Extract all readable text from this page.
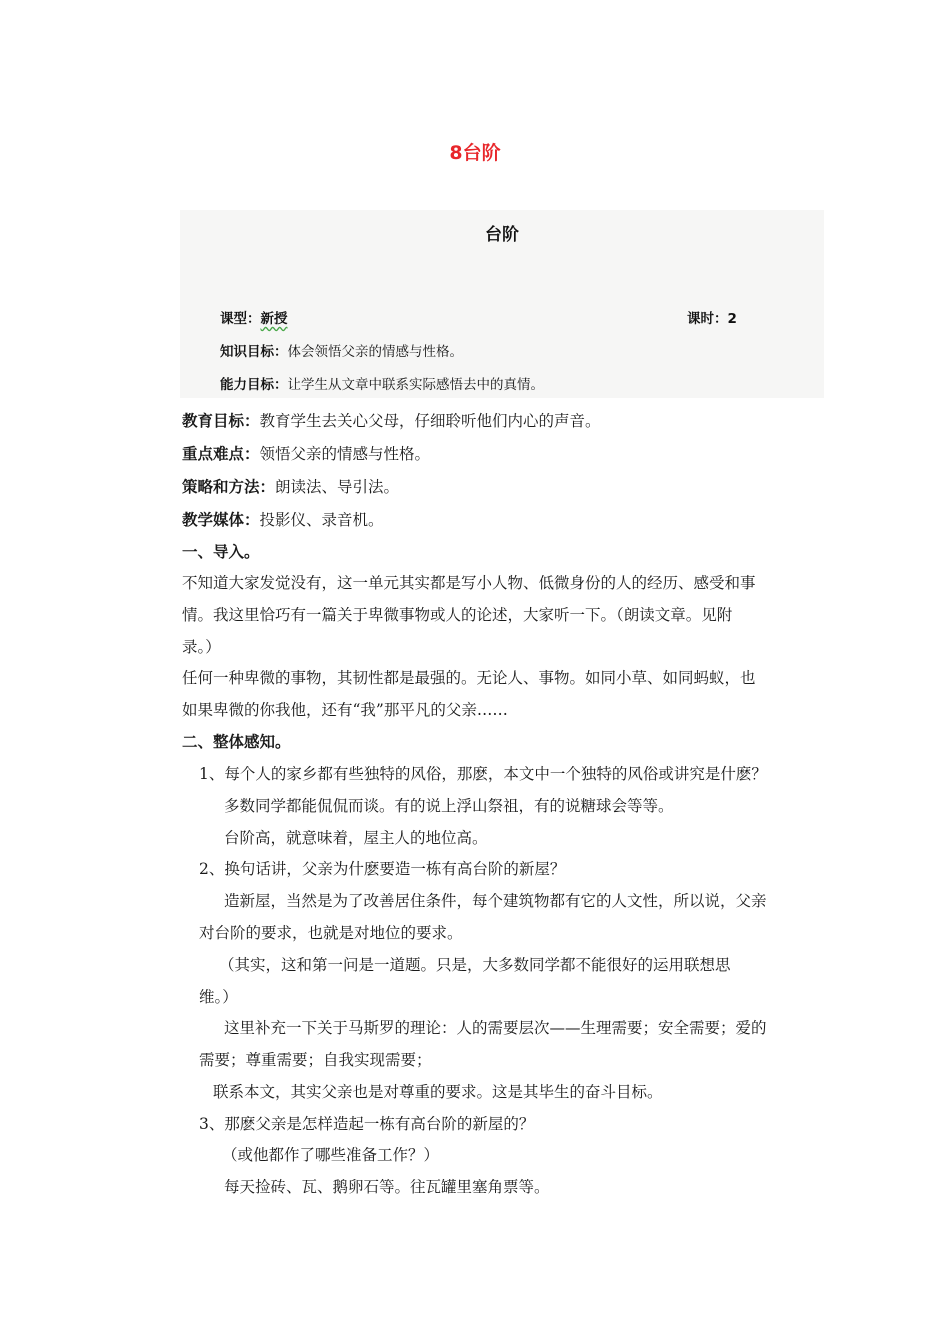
8台阶
台阶
课型：新授	课时：2
知识目标：体会领悟父亲的情感与性格。
能力目标：让学生从文章中联系实际感悟去中的真情。
教育目标：教育学生去关心父母，仔细聆听他们内心的声音。
重点难点：领悟父亲的情感与性格。
策略和方法：朗读法、导引法。
教学媒体：投影仪、录音机。
一、导入。
不知道大家发觉没有，这一单元其实都是写小人物、低微身份的人的经历、感受和事
情。我这里恰巧有一篇关于卑微事物或人的论述，大家听一下。（朗读文章。见附
录。）
任何一种卑微的事物，其韧性都是最强的。无论人、事物。如同小草、如同蚂蚁，也
如果卑微的你我他，还有“我”那平凡的父亲……
二、整体感知。
1、每个人的家乡都有些独特的风俗，那麽，本文中一个独特的风俗或讲究是什麽？
多数同学都能侃侃而谈。有的说上浮山祭祖，有的说糖球会等等。
台阶高，就意味着，屋主人的地位高。
2、换句话讲，父亲为什麽要造一栋有高台阶的新屋？
造新屋，当然是为了改善居住条件，每个建筑物都有它的人文性，所以说，父亲
对台阶的要求，也就是对地位的要求。
（其实，这和第一问是一道题。只是，大多数同学都不能很好的运用联想思
维。）
这里补充一下关于马斯罗的理论：人的需要层次——生理需要；安全需要；爱的
需要；尊重需要；自我实现需要；
联系本文，其实父亲也是对尊重的要求。这是其毕生的奋斗目标。
3、那麽父亲是怎样造起一栋有高台阶的新屋的？
（或他都作了哪些准备工作？）
每天捡砖、瓦、鹅卵石等。往瓦罐里塞角票等。
